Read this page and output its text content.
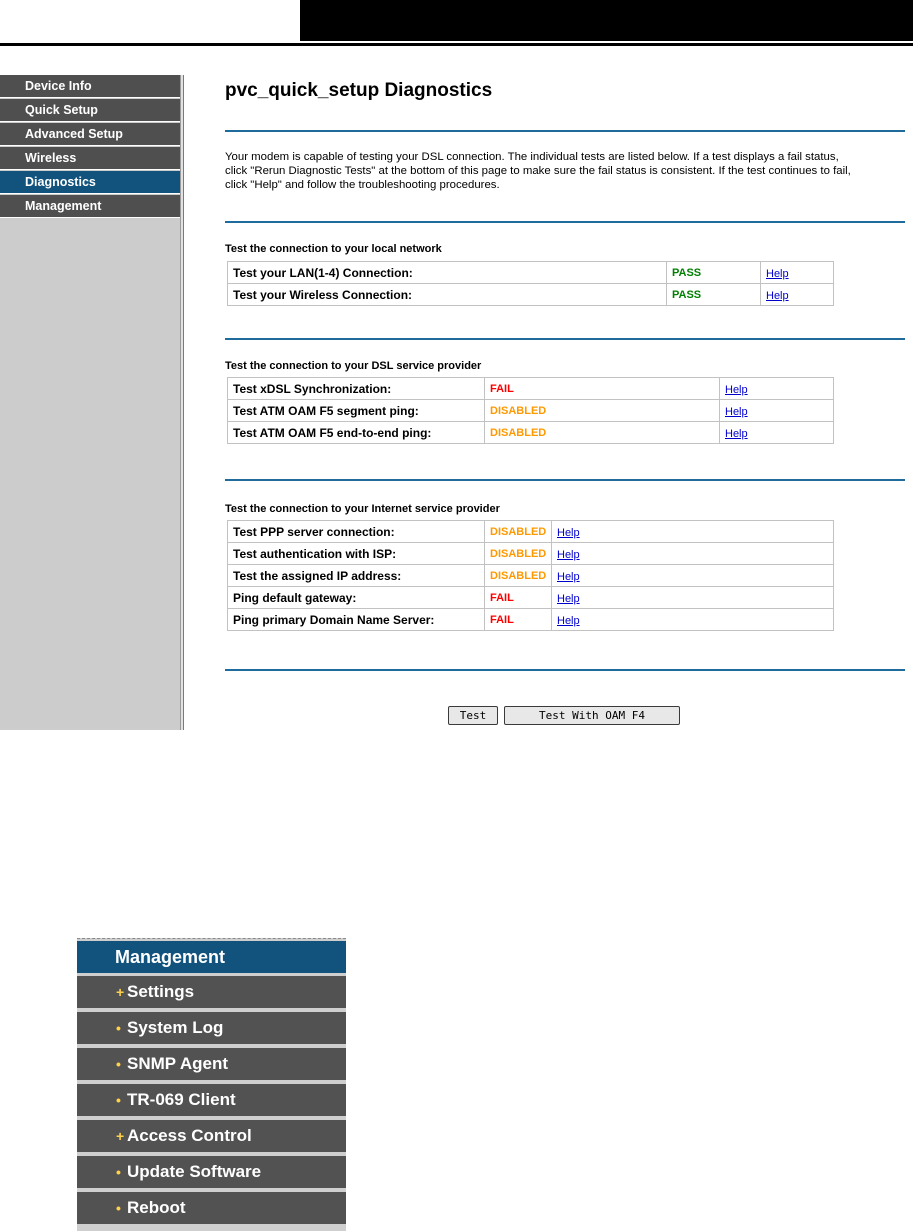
Device Info
Quick Setup
Advanced Setup
Wireless
Diagnostics
Management
pvc_quick_setup Diagnostics
Your modem is capable of testing your DSL connection. The individual tests are listed below. If a test displays a fail status,
click "Rerun Diagnostic Tests" at the bottom of this page to make sure the fail status is consistent. If the test continues to fail,
click "Help" and follow the troubleshooting procedures.
Test the connection to your local network
Test your LAN(1-4) Connection:	PASS	Help
Test your Wireless Connection:	PASS	Help
Test the connection to your DSL service provider
Test xDSL Synchronization:	FAIL	Help
Test ATM OAM F5 segment ping:	DISABLED	Help
Test ATM OAM F5 end-to-end ping:	DISABLED	Help
Test the connection to your Internet service provider
Test PPP server connection:	DISABLED	Help
Test authentication with ISP:	DISABLED	Help
Test the assigned IP address:	DISABLED	Help
Ping default gateway:	FAIL	Help
Ping primary Domain Name Server:	FAIL	Help
Test	Test With OAM F4
Management
+ Settings
• System Log
• SNMP Agent
• TR-069 Client
+ Access Control
• Update Software
• Reboot
